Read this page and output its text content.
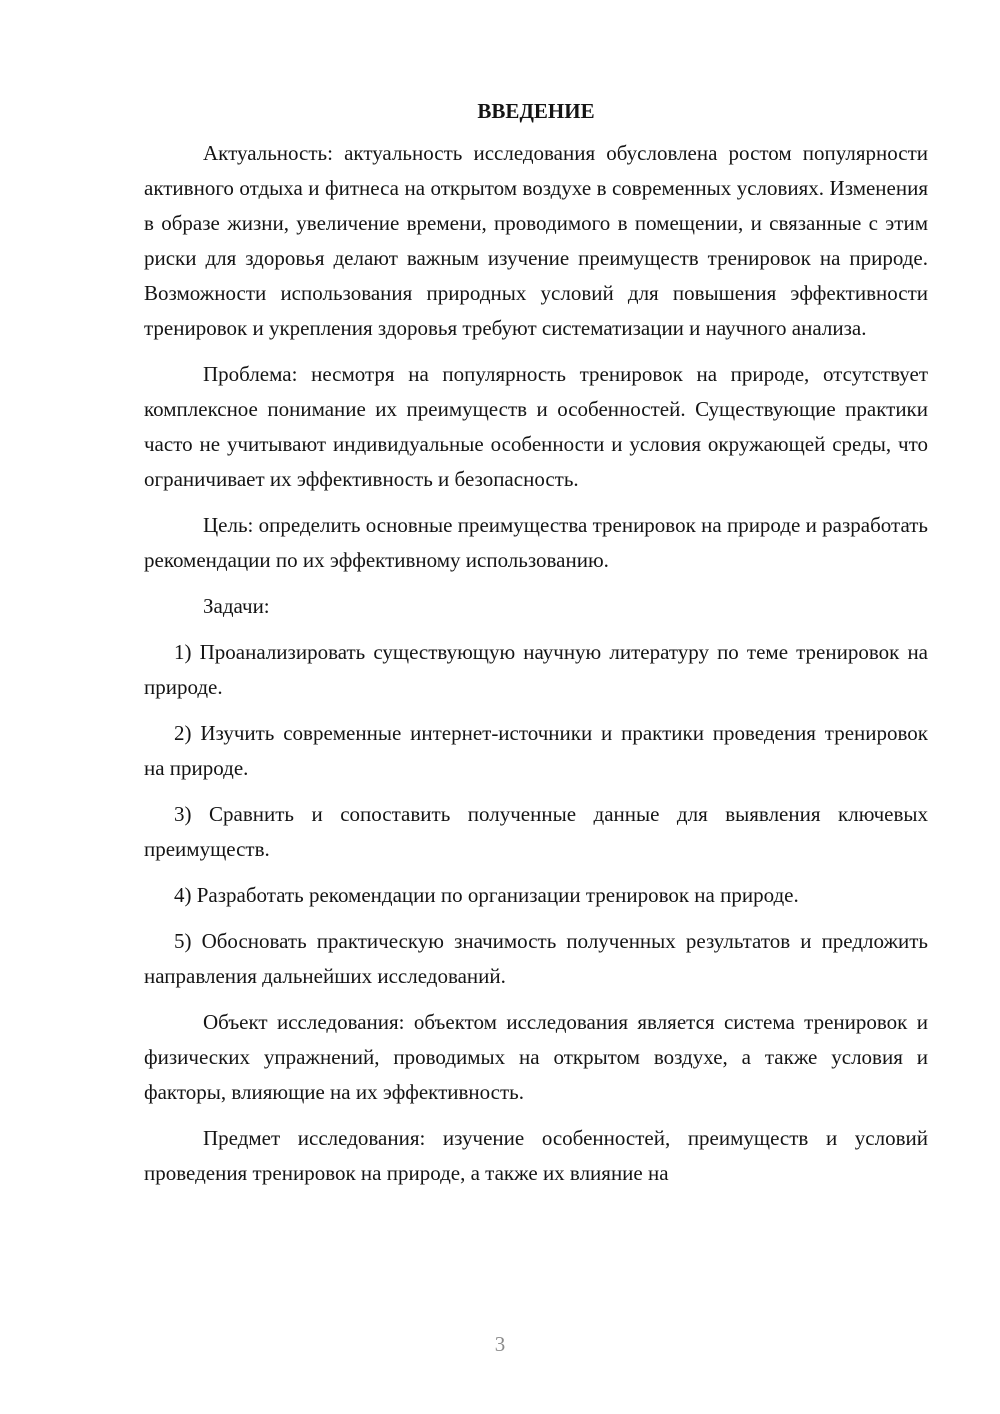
ВВЕДЕНИЕ

Актуальность: актуальность исследования обусловлена ростом популярности активного отдыха и фитнеса на открытом воздухе в современных условиях. Изменения в образе жизни, увеличение времени, проводимого в помещении, и связанные с этим риски для здоровья делают важным изучение преимуществ тренировок на природе. Возможности использования природных условий для повышения эффективности тренировок и укрепления здоровья требуют систематизации и научного анализа.

Проблема: несмотря на популярность тренировок на природе, отсутствует комплексное понимание их преимуществ и особенностей. Существующие практики часто не учитывают индивидуальные особенности и условия окружающей среды, что ограничивает их эффективность и безопасность.

Цель: определить основные преимущества тренировок на природе и разработать рекомендации по их эффективному использованию.

Задачи:

1) Проанализировать существующую научную литературу по теме тренировок на природе.

2) Изучить современные интернет-источники и практики проведения тренировок на природе.

3) Сравнить и сопоставить полученные данные для выявления ключевых преимуществ.

4) Разработать рекомендации по организации тренировок на природе.

5) Обосновать практическую значимость полученных результатов и предложить направления дальнейших исследований.

Объект исследования: объектом исследования является система тренировок и физических упражнений, проводимых на открытом воздухе, а также условия и факторы, влияющие на их эффективность.

Предмет исследования: изучение особенностей, преимуществ и условий проведения тренировок на природе, а также их влияние на

3
